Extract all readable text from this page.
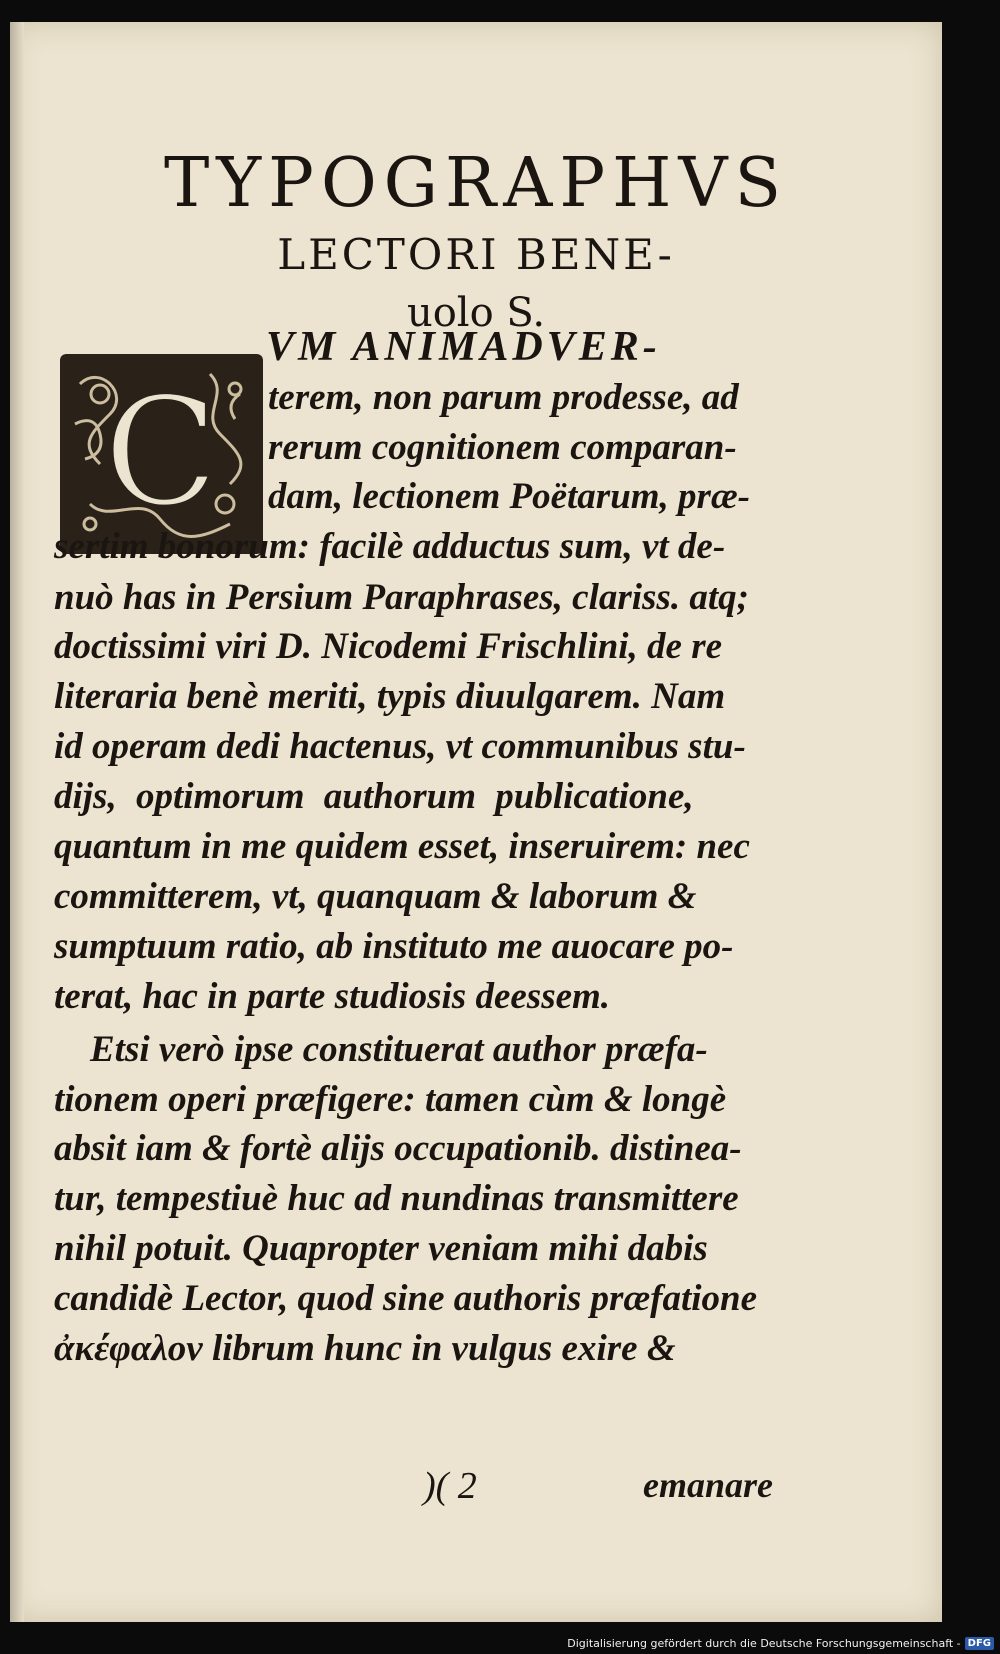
TYPOGRAPHVS
LECTORI BENE-
uolo S.
C
VM ANIMADVER-
terem, non parum prodesse, ad
rerum cognitionem comparan-
dam, lectionem Poëtarum, præ-
sertim bonorum: facilè adductus sum, vt de-
nuò has in Persium Paraphrases, clariss. atq;
doctissimi viri D. Nicodemi Frischlini, de re
literaria benè meriti, typis diuulgarem. Nam
id operam dedi hactenus, vt communibus stu-
dijs, optimorum authorum publicatione,
quantum in me quidem esset, inseruirem: nec
committerem, vt, quanquam & laborum &
sumptuum ratio, ab instituto me auocare po-
terat, hac in parte studiosis deessem.
Etsi verò ipse constituerat author præfa-
tionem operi præfigere: tamen cùm & longè
absit iam & fortè alijs occupationib. distinea-
tur, tempestiuè huc ad nundinas transmittere
nihil potuit. Quapropter veniam mihi dabis
candidè Lector, quod sine authoris præfatione
ἀκέφαλον librum hunc in vulgus exire &
)( 2	emanare
Digitalisierung gefördert durch die Deutsche Forschungsgemeinschaft - DFG
